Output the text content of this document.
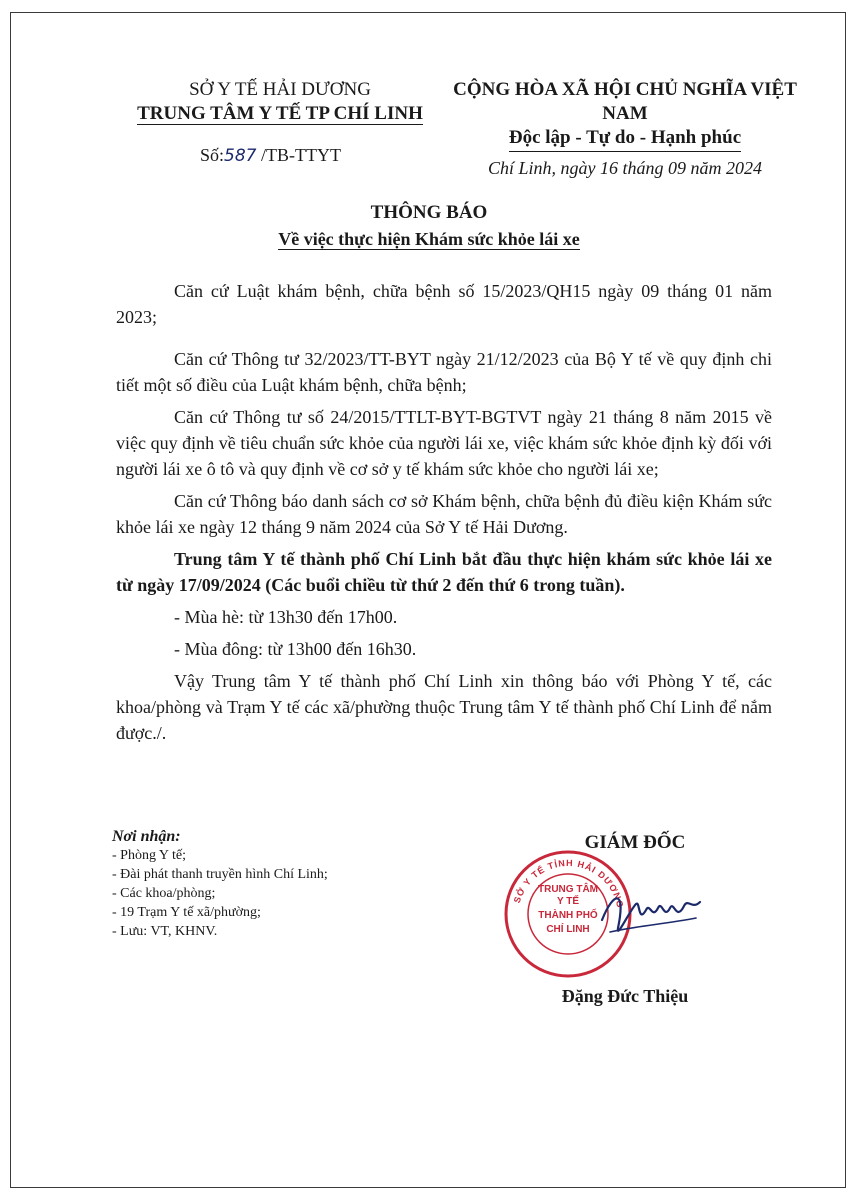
SỞ Y TẾ HẢI DƯƠNG
TRUNG TÂM Y TẾ TP CHÍ LINH
CỘNG HÒA XÃ HỘI CHỦ NGHĨA VIỆT NAM
Độc lập - Tự do - Hạnh phúc
Số:587 /TB-TTYT
Chí Linh, ngày 16 tháng 09 năm 2024
THÔNG BÁO
Về việc thực hiện Khám sức khỏe lái xe

Căn cứ Luật khám bệnh, chữa bệnh số 15/2023/QH15 ngày 09 tháng 01 năm 2023;

Căn cứ Thông tư 32/2023/TT-BYT ngày 21/12/2023 của Bộ Y tế về quy định chi tiết một số điều của Luật khám bệnh, chữa bệnh;

Căn cứ Thông tư số 24/2015/TTLT-BYT-BGTVT ngày 21 tháng 8 năm 2015 về việc quy định về tiêu chuẩn sức khỏe của người lái xe, việc khám sức khỏe định kỳ đối với người lái xe ô tô và quy định về cơ sở y tế khám sức khỏe cho người lái xe;

Căn cứ Thông báo danh sách cơ sở Khám bệnh, chữa bệnh đủ điều kiện Khám sức khỏe lái xe ngày 12 tháng 9 năm 2024 của Sở Y tế Hải Dương.

Trung tâm Y tế thành phố Chí Linh bắt đầu thực hiện khám sức khỏe lái xe từ ngày 17/09/2024 (Các buổi chiều từ thứ 2 đến thứ 6 trong tuần).

- Mùa hè: từ 13h30 đến 17h00.

- Mùa đông: từ 13h00 đến 16h30.

Vậy Trung tâm Y tế thành phố Chí Linh xin thông báo với Phòng Y tế, các khoa/phòng và Trạm Y tế các xã/phường thuộc Trung tâm Y tế thành phố Chí Linh để nắm được./.

Nơi nhận:
- Phòng Y tế;
- Đài phát thanh truyền hình Chí Linh;
- Các khoa/phòng;
- 19 Trạm Y tế xã/phường;
- Lưu: VT, KHNV.
GIÁM ĐỐC
SỞ Y TẾ TỈNH HẢI DƯƠNG
TRUNG TÂM
Y TẾ
THÀNH PHỐ
CHÍ LINH
Đặng Đức Thiệu
